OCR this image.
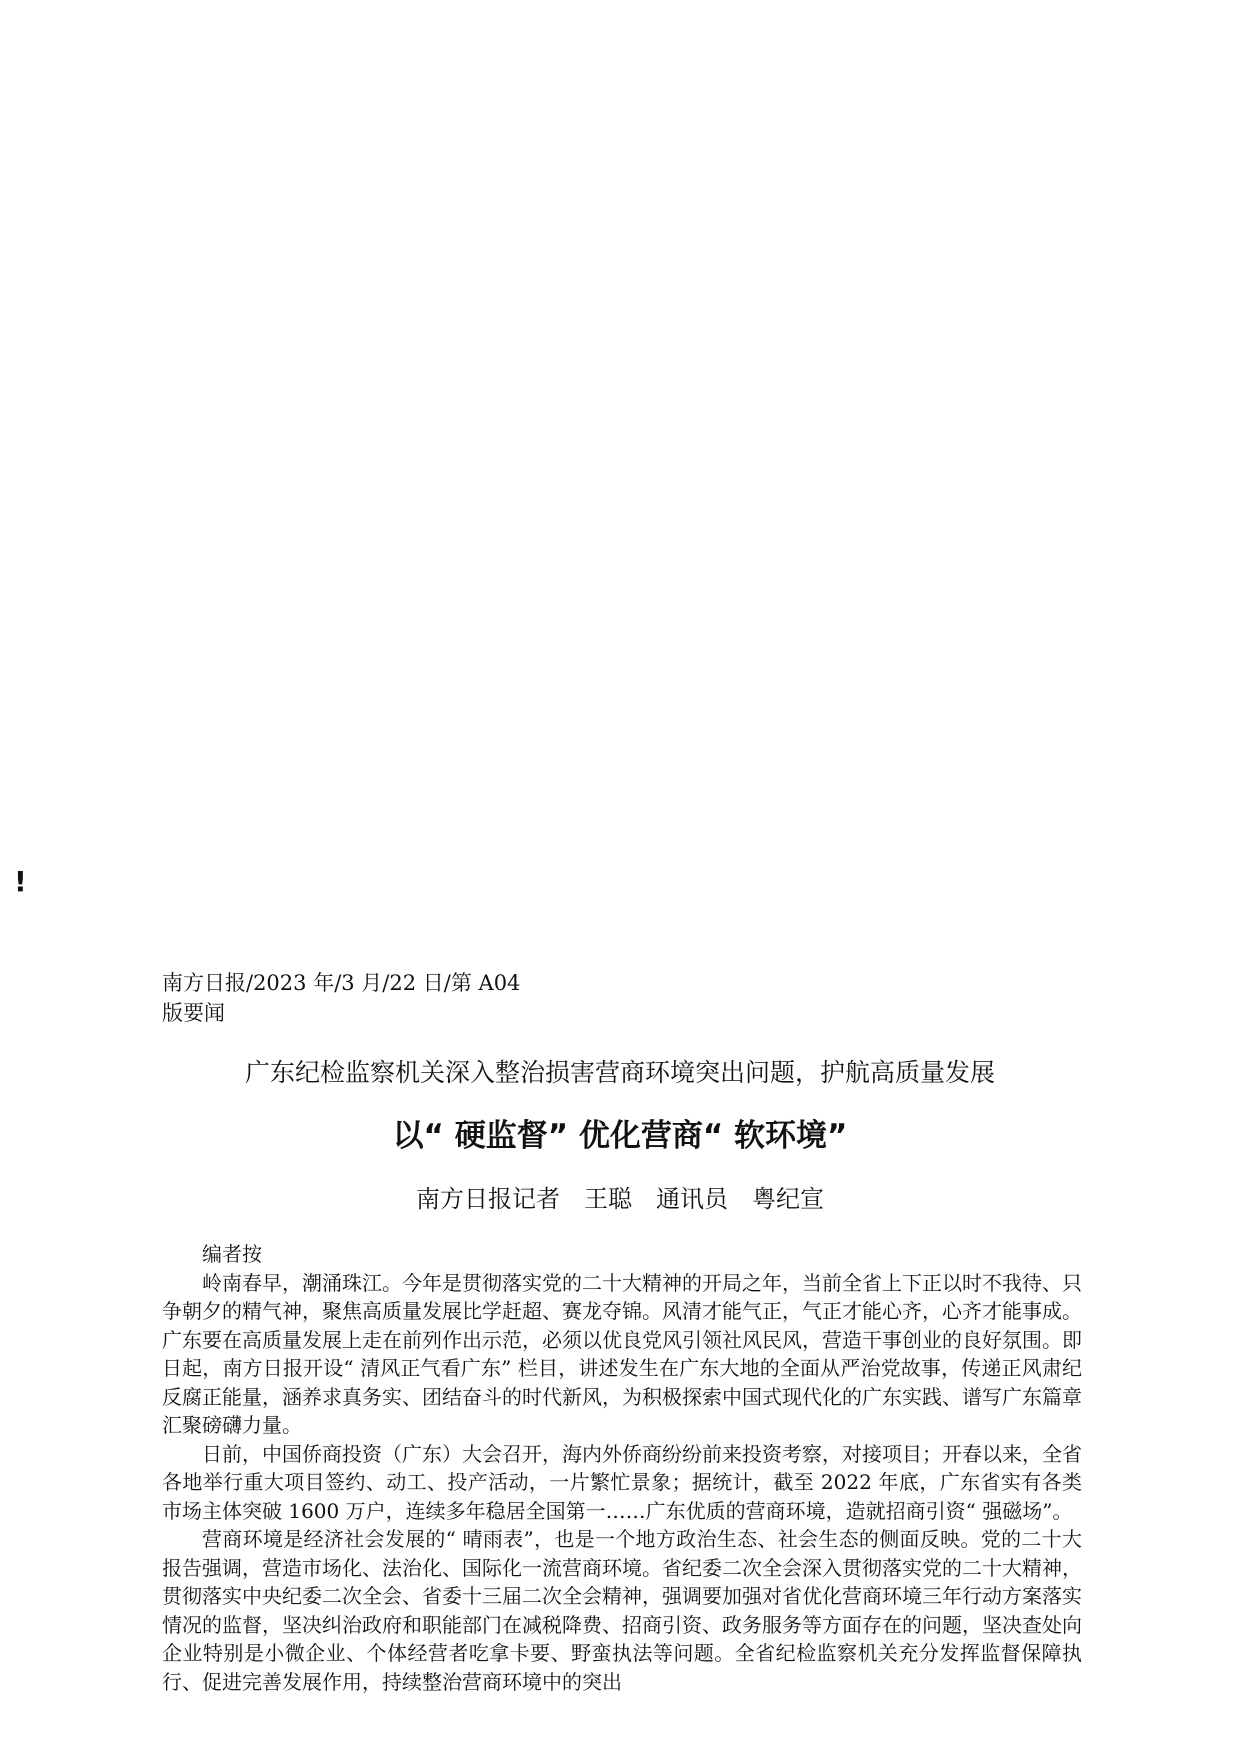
!
南方日报/2023 年/3 月/22 日/第 A04
版要闻
广东纪检监察机关深入整治损害营商环境突出问题，护航高质量发展
以“ 硬监督” 优化营商“ 软环境”
南方日报记者 王聪 通讯员 粤纪宣

编者按

岭南春早，潮涌珠江。今年是贯彻落实党的二十大精神的开局之年，当前全省上下正以时不我待、只争朝夕的精气神，聚焦高质量发展比学赶超、赛龙夺锦。风清才能气正，气正才能心齐，心齐才能事成。广东要在高质量发展上走在前列作出示范，必须以优良党风引领社风民风，营造干事创业的良好氛围。即日起，南方日报开设“ 清风正气看广东” 栏目，讲述发生在广东大地的全面从严治党故事，传递正风肃纪反腐正能量，涵养求真务实、团结奋斗的时代新风，为积极探索中国式现代化的广东实践、谱写广东篇章汇聚磅礴力量。

日前，中国侨商投资（广东）大会召开，海内外侨商纷纷前来投资考察，对接项目；开春以来，全省各地举行重大项目签约、动工、投产活动，一片繁忙景象；据统计，截至 2022 年底，广东省实有各类市场主体突破 1600 万户，连续多年稳居全国第一……广东优质的营商环境，造就招商引资“ 强磁场”。

营商环境是经济社会发展的“ 晴雨表”，也是一个地方政治生态、社会生态的侧面反映。党的二十大报告强调，营造市场化、法治化、国际化一流营商环境。省纪委二次全会深入贯彻落实党的二十大精神，贯彻落实中央纪委二次全会、省委十三届二次全会精神，强调要加强对省优化营商环境三年行动方案落实情况的监督，坚决纠治政府和职能部门在减税降费、招商引资、政务服务等方面存在的问题，坚决查处向企业特别是小微企业、个体经营者吃拿卡要、野蛮执法等问题。全省纪检监察机关充分发挥监督保障执行、促进完善发展作用，持续整治营商环境中的突出
